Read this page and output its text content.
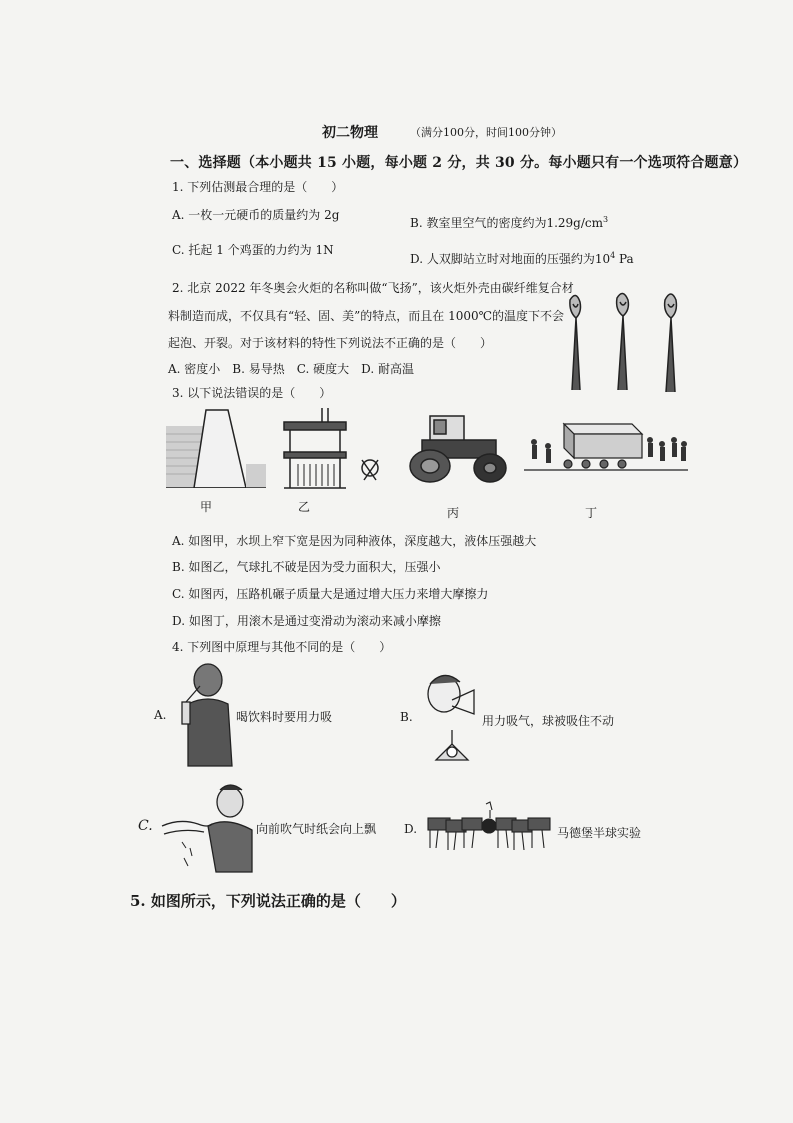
初二物理	（满分100分，时间100分钟）
一、选择题（本小题共 15 小题，每小题 2 分，共 30 分。每小题只有一个选项符合题意）
1. 下列估测最合理的是（　　）
A. 一枚一元硬币的质量约为 2g
B. 教室里空气的密度约为$1.29g/cm^3$
C. 托起 1 个鸡蛋的力约为 1N
D. 人双脚站立时对地面的压强约为$10^4$ Pa
2. 北京 2022 年冬奥会火炬的名称叫做“飞扬”，该火炬外壳由碳纤维复合材
料制造而成，不仅具有“轻、固、美”的特点，而且在 1000℃的温度下不会
起泡、开裂。对于该材料的特性下列说法不正确的是（　　）
A. 密度小　B. 易导热　C. 硬度大　D. 耐高温
3. 以下说法错误的是（　　）
甲	乙	丙	丁
A. 如图甲，水坝上窄下宽是因为同种液体，深度越大，液体压强越大
B. 如图乙，气球扎不破是因为受力面积大，压强小
C. 如图丙，压路机碾子质量大是通过增大压力来增大摩擦力
D. 如图丁，用滚木是通过变滑动为滚动来减小摩擦
4. 下列图中原理与其他不同的是（　　）
A.	喝饮料时要用力吸	B.	用力吸气，球被吸住不动
C.	向前吹气时纸会向上飘 D.	马德堡半球实验
5. 如图所示，下列说法正确的是（　　）
